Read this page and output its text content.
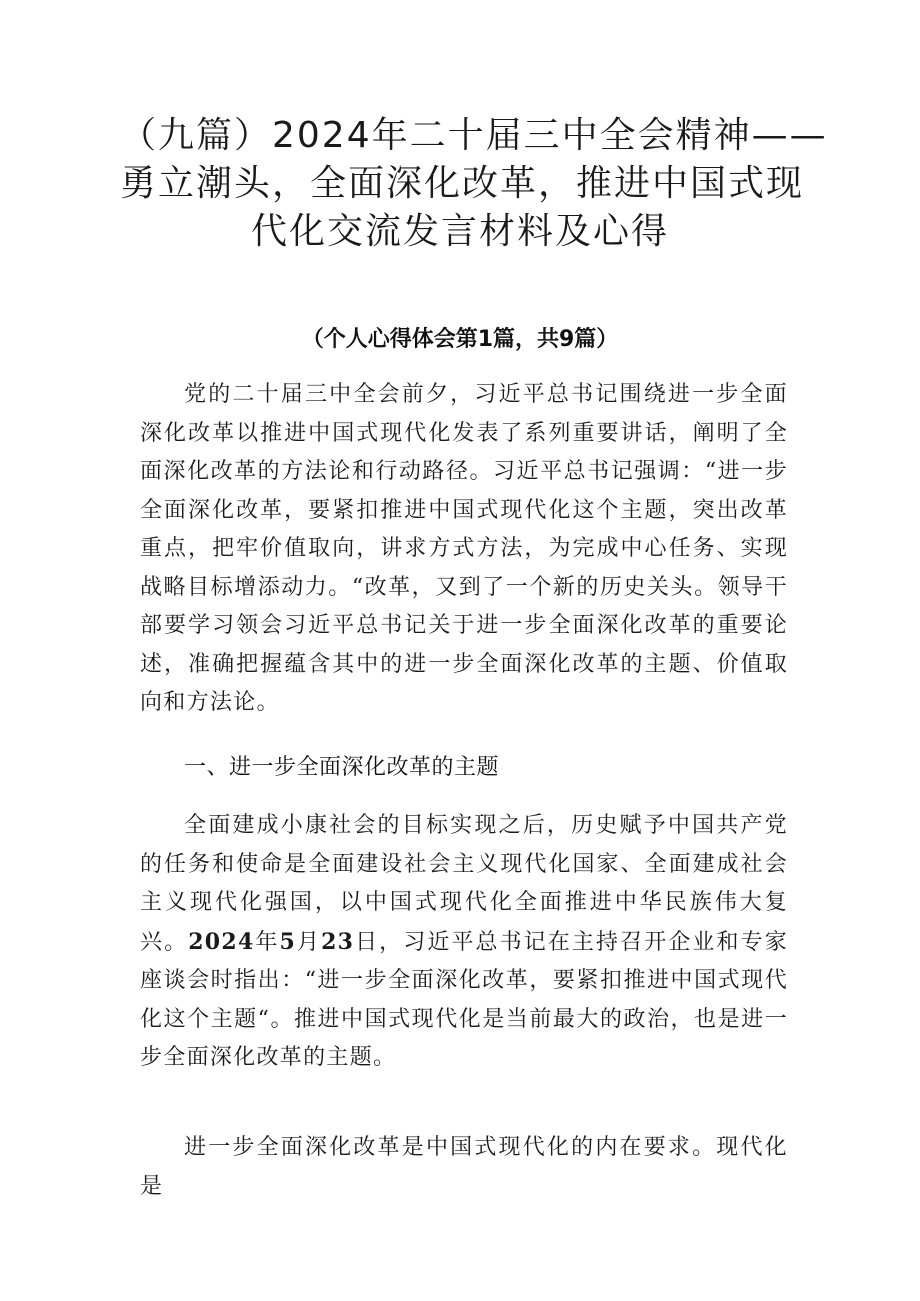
（九篇）2024年二十届三中全会精神——
勇立潮头，全面深化改革，推进中国式现
代化交流发言材料及心得
（个人心得体会第1篇，共9篇）

党的二十届三中全会前夕，习近平总书记围绕进一步全面深化改革以推进中国式现代化发表了系列重要讲话，阐明了全面深化改革的方法论和行动路径。习近平总书记强调：“进一步全面深化改革，要紧扣推进中国式现代化这个主题，突出改革重点，把牢价值取向，讲求方式方法，为完成中心任务、实现战略目标增添动力。“改革，又到了一个新的历史关头。领导干部要学习领会习近平总书记关于进一步全面深化改革的重要论述，准确把握蕴含其中的进一步全面深化改革的主题、价值取向和方法论。

一、进一步全面深化改革的主题

全面建成小康社会的目标实现之后，历史赋予中国共产党的任务和使命是全面建设社会主义现代化国家、全面建成社会主义现代化强国，以中国式现代化全面推进中华民族伟大复兴。2024年5月23日，习近平总书记在主持召开企业和专家座谈会时指出：“进一步全面深化改革，要紧扣推进中国式现代化这个主题“。推进中国式现代化是当前最大的政治，也是进一步全面深化改革的主题。

进一步全面深化改革是中国式现代化的内在要求。现代化是
